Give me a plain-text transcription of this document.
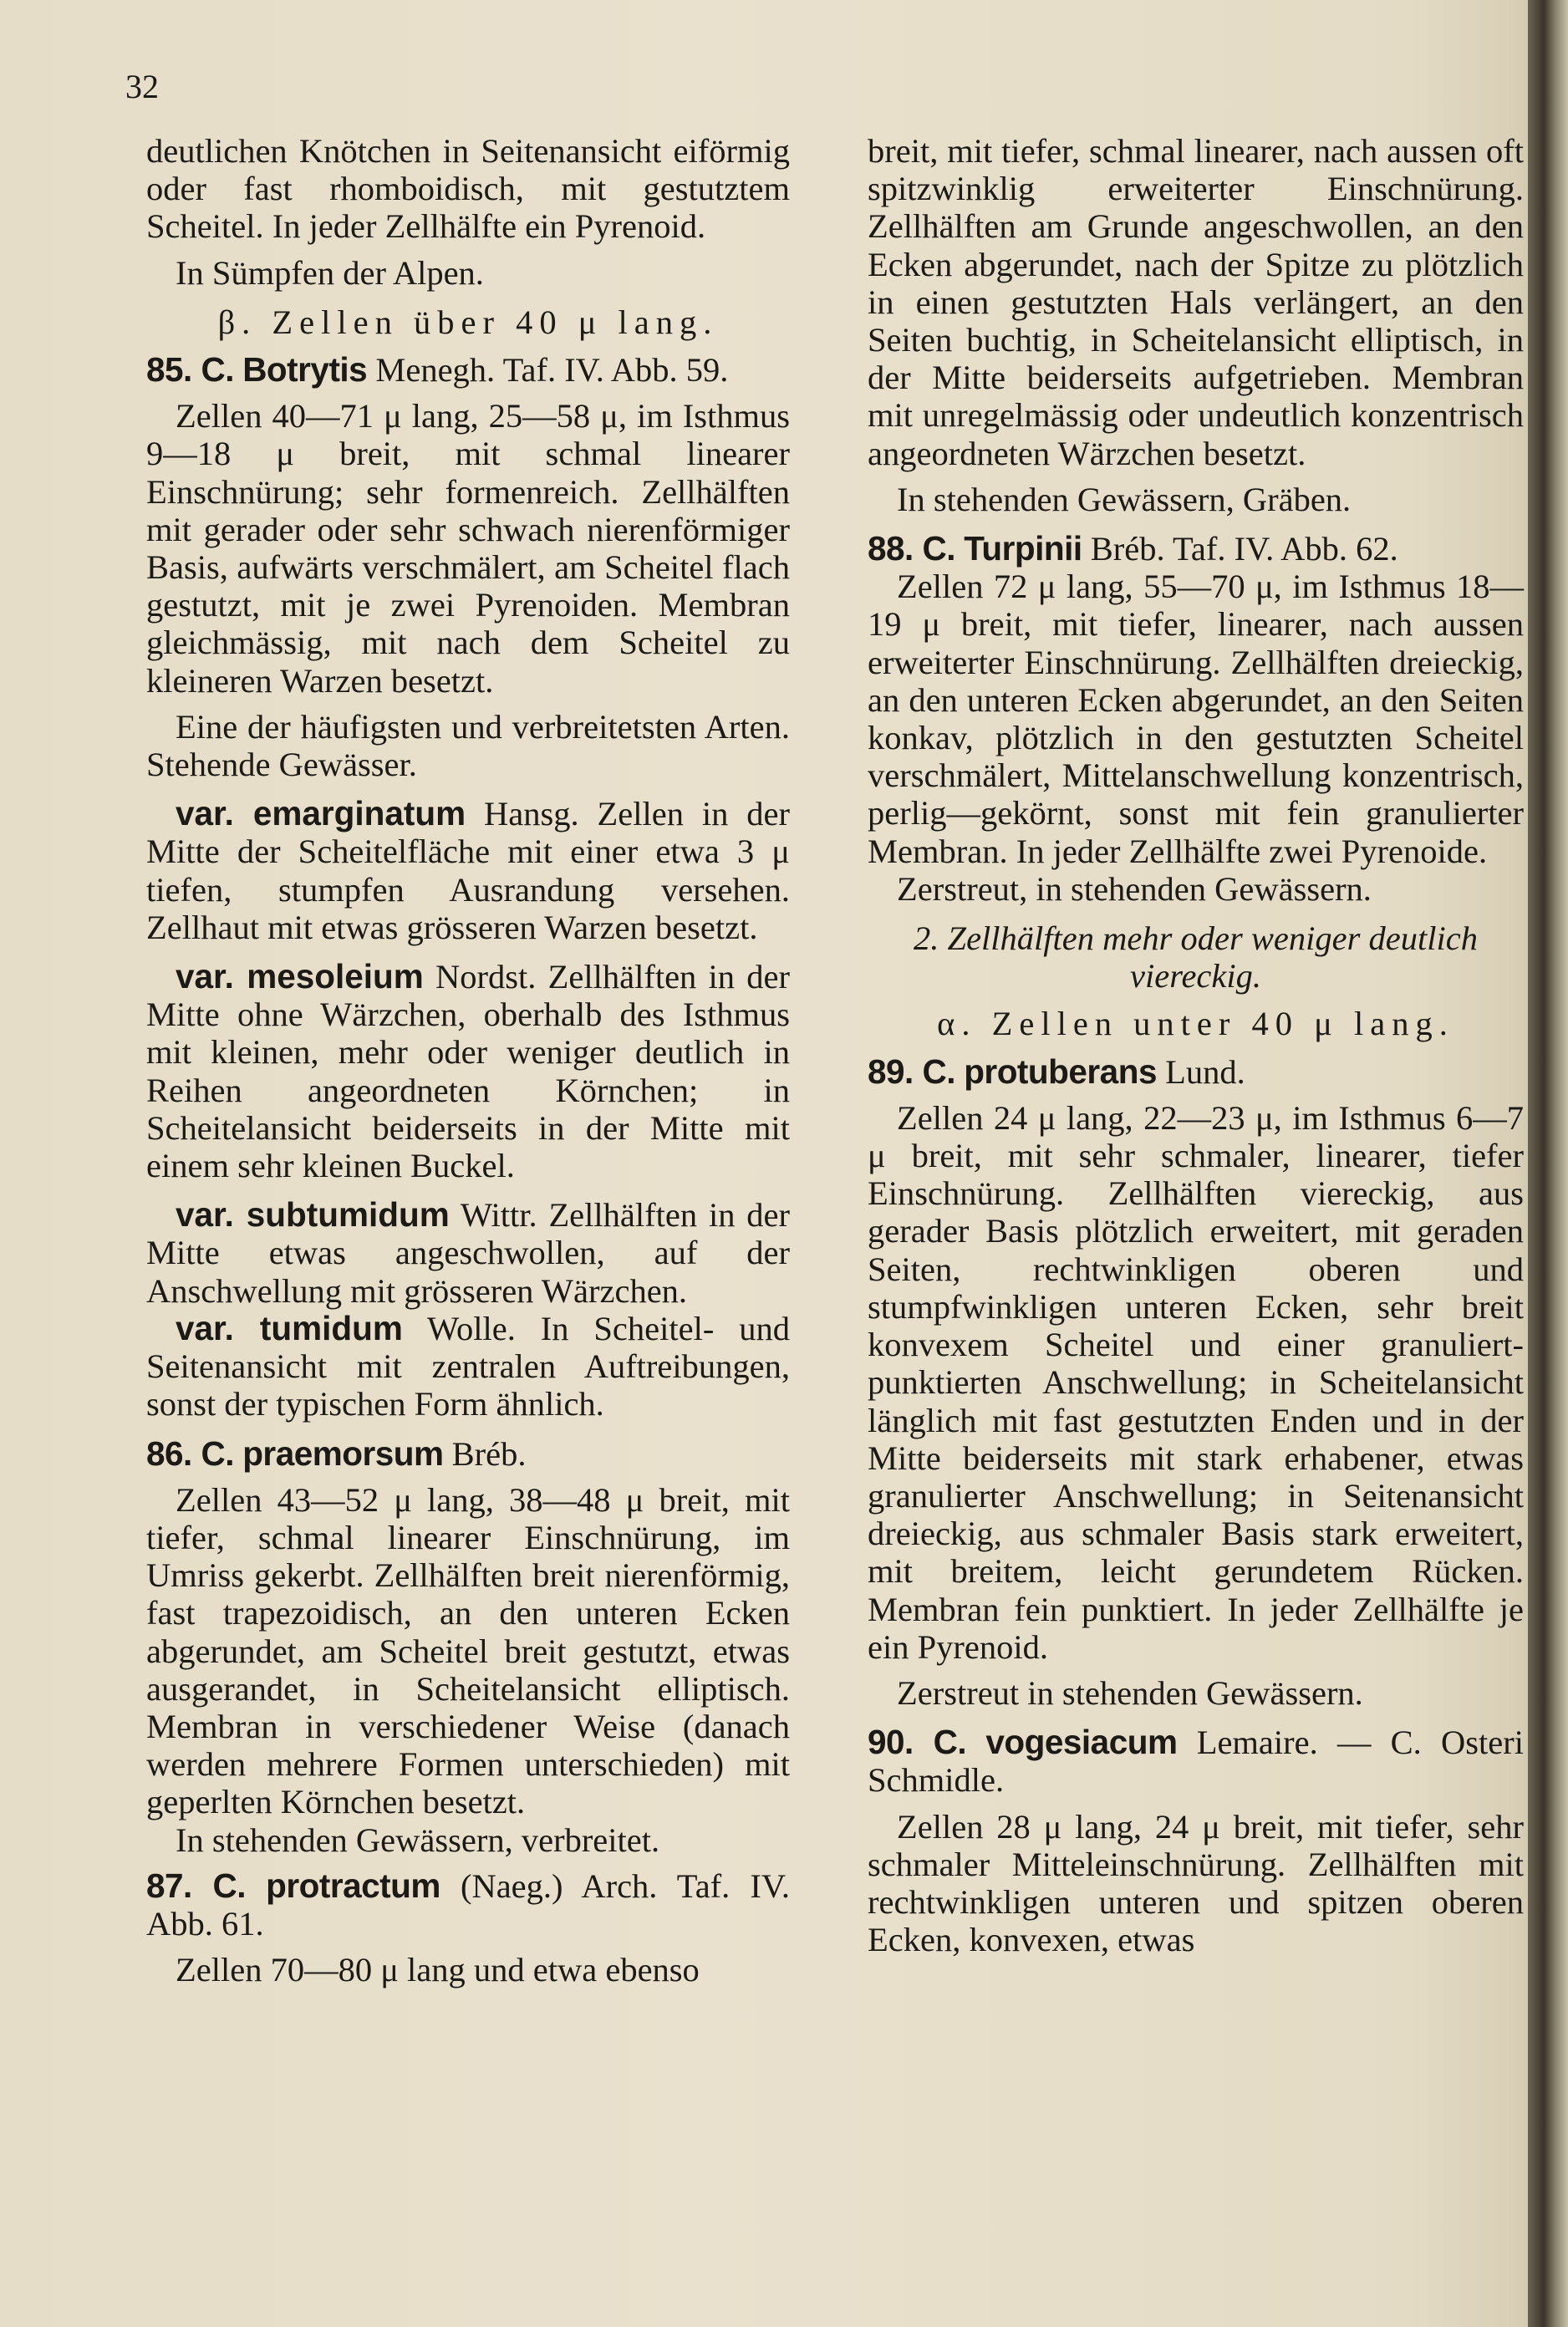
32

deutlichen Knötchen in Seitenansicht eiförmig oder fast rhomboidisch, mit gestutztem Scheitel. In jeder Zellhälfte ein Pyrenoid.

In Sümpfen der Alpen.

β. Zellen über 40 μ lang.

85. C. Botrytis Menegh. Taf. IV. Abb. 59.

Zellen 40—71 μ lang, 25—58 μ, im Isthmus 9—18 μ breit, mit schmal linearer Einschnürung; sehr formenreich. Zellhälften mit gerader oder sehr schwach nierenförmiger Basis, aufwärts verschmälert, am Scheitel flach gestutzt, mit je zwei Pyrenoiden. Membran gleichmässig, mit nach dem Scheitel zu kleineren Warzen besetzt.

Eine der häufigsten und verbreitetsten Arten. Stehende Gewässer.

var. emarginatum Hansg. Zellen in der Mitte der Scheitelfläche mit einer etwa 3 μ tiefen, stumpfen Ausrandung versehen. Zellhaut mit etwas grösseren Warzen besetzt.

var. mesoleium Nordst. Zellhälften in der Mitte ohne Wärzchen, oberhalb des Isthmus mit kleinen, mehr oder weniger deutlich in Reihen angeordneten Körnchen; in Scheitelansicht beiderseits in der Mitte mit einem sehr kleinen Buckel.

var. subtumidum Wittr. Zellhälften in der Mitte etwas angeschwollen, auf der Anschwellung mit grösseren Wärzchen.

var. tumidum Wolle. In Scheitel- und Seitenansicht mit zentralen Auftreibungen, sonst der typischen Form ähnlich.

86. C. praemorsum Bréb.

Zellen 43—52 μ lang, 38—48 μ breit, mit tiefer, schmal linearer Einschnürung, im Umriss gekerbt. Zellhälften breit nierenförmig, fast trapezoidisch, an den unteren Ecken abgerundet, am Scheitel breit gestutzt, etwas ausgerandet, in Scheitelansicht elliptisch. Membran in verschiedener Weise (danach werden mehrere Formen unterschieden) mit geperlten Körnchen besetzt.

In stehenden Gewässern, verbreitet.

87. C. protractum (Naeg.) Arch. Taf. IV. Abb. 61.

Zellen 70—80 μ lang und etwa ebenso

breit, mit tiefer, schmal linearer, nach aussen oft spitzwinklig erweiterter Einschnürung. Zellhälften am Grunde angeschwollen, an den Ecken abgerundet, nach der Spitze zu plötzlich in einen gestutzten Hals verlängert, an den Seiten buchtig, in Scheitelansicht elliptisch, in der Mitte beiderseits aufgetrieben. Membran mit unregelmässig oder undeutlich konzentrisch angeordneten Wärzchen besetzt.

In stehenden Gewässern, Gräben.

88. C. Turpinii Bréb. Taf. IV. Abb. 62.

Zellen 72 μ lang, 55—70 μ, im Isthmus 18—19 μ breit, mit tiefer, linearer, nach aussen erweiterter Einschnürung. Zellhälften dreieckig, an den unteren Ecken abgerundet, an den Seiten konkav, plötzlich in den gestutzten Scheitel verschmälert, Mittelanschwellung konzentrisch, perlig—gekörnt, sonst mit fein granulierter Membran. In jeder Zellhälfte zwei Pyrenoide.

Zerstreut, in stehenden Gewässern.

2. Zellhälften mehr oder weniger deutlich viereckig.

α. Zellen unter 40 μ lang.

89. C. protuberans Lund.

Zellen 24 μ lang, 22—23 μ, im Isthmus 6—7 μ breit, mit sehr schmaler, linearer, tiefer Einschnürung. Zellhälften viereckig, aus gerader Basis plötzlich erweitert, mit geraden Seiten, rechtwinkligen oberen und stumpfwinkligen unteren Ecken, sehr breit konvexem Scheitel und einer granuliert-punktierten Anschwellung; in Scheitelansicht länglich mit fast gestutzten Enden und in der Mitte beiderseits mit stark erhabener, etwas granulierter Anschwellung; in Seitenansicht dreieckig, aus schmaler Basis stark erweitert, mit breitem, leicht gerundetem Rücken. Membran fein punktiert. In jeder Zellhälfte je ein Pyrenoid.

Zerstreut in stehenden Gewässern.

90. C. vogesiacum Lemaire. — C. Osteri Schmidle.

Zellen 28 μ lang, 24 μ breit, mit tiefer, sehr schmaler Mitteleinschnürung. Zellhälften mit rechtwinkligen unteren und spitzen oberen Ecken, konvexen, etwas
